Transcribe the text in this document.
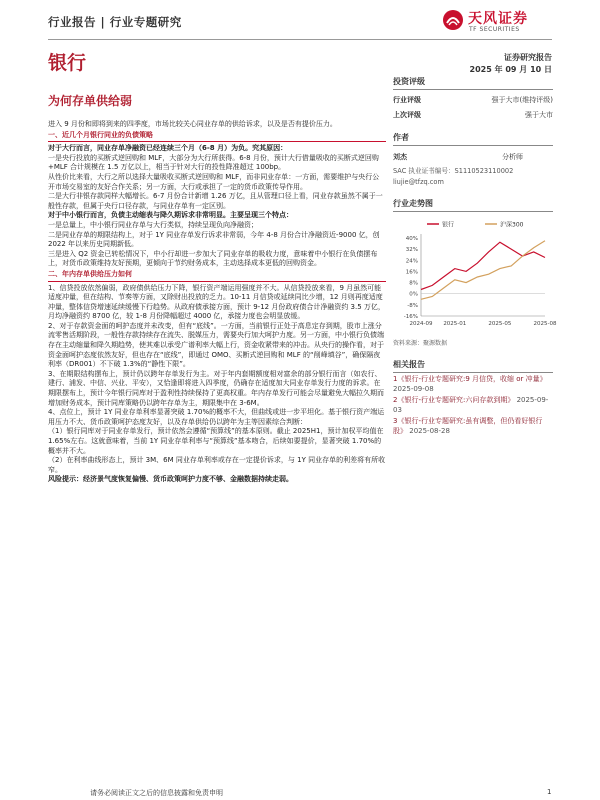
行业报告 | 行业专题研究	天风证券
TF SECURITIES
银行	证券研究报告
2025 年 09 月 10 日
为何存单供给弱

进入 9 月份和即将到来的四季度，市场比较关心同业存单的供给诉求，以及是否有提价压力。

一、近几个月银行同业的负债策略

对于大行而言，同业存单净融资已经连续三个月（6-8 月）为负。究其原因：

一是央行投放的买断式逆回购和 MLF，大部分为大行所获得。6-8 月份，预计大行借量吸收的买断式逆回购+MLF 合计规模在 1.5 万亿以上，相当于针对大行的投性降准超过 100bp。

从性价比来看，大行之所以选择大量吸收买断式逆回购和 MLF，而非同业存单：一方面，需要维护与央行公开市场交易室的友好合作关系；另一方面，大行或承担了一定的货币政策传导作用。

二是大行非银存款同样大幅增长。6-7 月份合计新增 1.26 万亿，且从管理口径上看，同业存款虽然不属于一般性存款，但属于央行口径存款，与同业存单有一定区别。

对于中小银行而言，负债主动缩表与降久期诉求非常明显。主要呈现三个特点：

一是总量上，中小银行同业存单与大行类似，持续呈现负向净融资；

二是同业存单的期限结构上，对于 1Y 同业存单发行诉求非常弱，今年 4-8 月份合计净融资近-9000 亿，创 2022 年以来历史同期新低。

三是进入 Q2 资金已转松情况下，中小行却进一步加大了同业存单的吸收力度，意味着中小银行在负债摆布上，对货币政策维持友好预期，更倾向于节约财务成本，主动选择成本更低的回购资金。

二、年内存单供给压力如何

1、信贷投放依然偏弱，政府债供给压力下降，银行资产端运用强度并不大。从信贷投放来看，9 月虽然可能适度冲量，但在结构、节奏等方面，又除财出投放的乏力。10-11 月信贷或延续同比少增，12 月则再度适度冲量，整体信贷增速延续缓慢下行趋势。从政府债承接方面，预计 9-12 月份政府债合计净融资约 3.5 万亿，月均净融资约 8700 亿，较 1-8 月份降幅超过 4000 亿，承接力度也会明显放缓。

2、对于存款资金面的呵护态度并未改变，但有“底线”。一方面，当前银行正处于高息定存到期，股市上涨分流零售活期阶段，一般性存款持续存在流失、脱媒压力，需要央行加大呵护力度。另一方面，中小银行负债端存在主动缩量和降久期趋势，使其难以承受广谱利率大幅上行，资金收紧带来的冲击。从央行的操作看，对于资金面呵护态度依然友好，但也存在“底线”，即通过 OMO、买断式逆回购和 MLF 的“削峰填谷”，确保隔夜利率（DR001）不下破 1.3%的“静性下限”。

3、在期限结构摆布上，预计仍以跨年存单发行为主。对于年内套期额度相对富余的部分银行而言（如农行、建行、浦发、中信、兴业、平安），又恰逢即将进入四季度，仍确存在适度加大同业存单发行力度的诉求。在期限摆布上，预计今年银行同库对于盈利性持续保持了更高权重。年内存单发行可能会尽量避免大幅拉久期而增加财务成本，预计同库策略仍以跨年存单为主，期限集中在 3-6M。

4、点位上，预计 1Y 同业存单利率显著突破 1.70%的概率不大，但曲线或进一步平坦化。基于银行资产端运用压力不大、货币政策呵护态度友好，以及存单供给仍以跨年为主等因素综合判断：

（1）银行同库对于同业存单发行，预计依然会遵循“预算线”的基本原则。截止 2025H1，预计加权平均值在 1.65%左右。这就意味着，当前 1Y 同业存单利率与“预算线”基本吻合，后续如要提价，显著突破 1.70%的概率并不大。

（2）在利率曲线形态上，预计 3M、6M 同业存单利率或存在一定提价诉求，与 1Y 同业存单的利差将有所收窄。

风险提示：经济景气度恢复偏慢、货币政策呵护力度不够、金融数据持续走弱。

投资评级
行业评级	强于大市(维持评级)
上次评级	强于大市
作者
刘杰	分析师
SAC 执业证书编号：S1110523110002
liujie@tfzq.com
行业走势图
银行	沪深300
40%
32%
24%
16%
8%
0%
-8%
-16%
2024-09 2025-01	2025-05	2025-08
资料来源：聚源数据
相关报告
1《银行-行业专题研究:9 月信贷，收缩 or 冲量》 2025-09-08
2《银行-行业专题研究:六问存款到期》 2025-09-03
3《银行-行业专题研究:虽有调整，但仍看好银行股》 2025-08-28
请务必阅读正文之后的信息披露和免责申明	1
